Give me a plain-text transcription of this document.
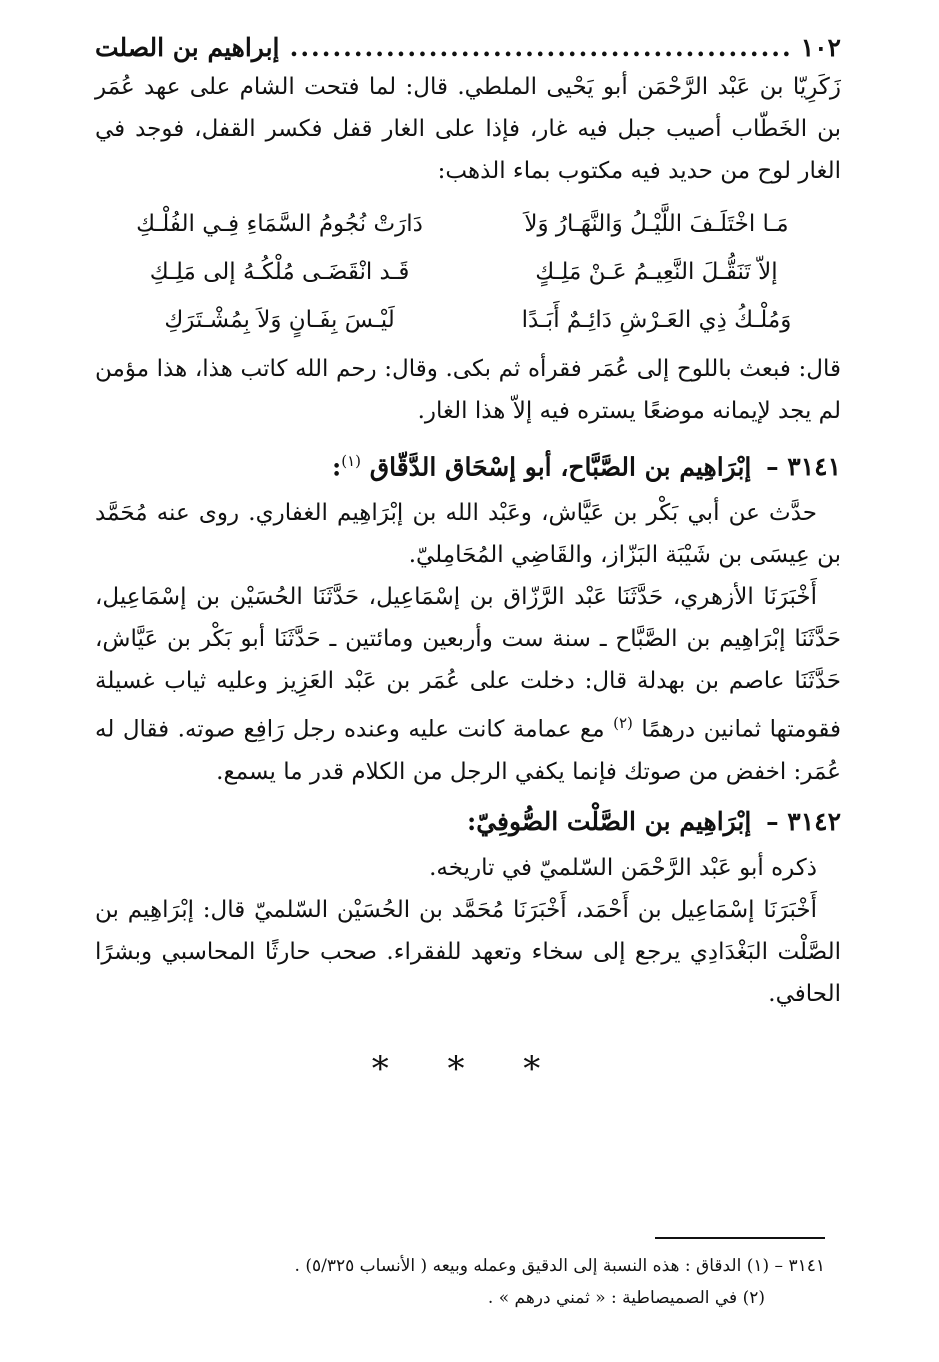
١٠٢
.....
إبراهيم بن الصلت

زَكَرِيّا بن عَبْد الرَّحْمَن أبو يَحْيى الملطي. قال: لما فتحت الشام على عهد عُمَر بن الخَطّاب أصيب جبل فيه غار، فإذا على الغار قفل فكسر القفل، فوجد في الغار لوح من حديد فيه مكتوب بماء الذهب:

مَـا اخْتَلَـفَ اللَّيْـلُ وَالنَّهَـارُ وَلاَ
دَارَتْ نُجُومُ السَّمَاءِ فِـي الفُلْـكِ
إلاّ تَنَقُّـلَ النَّعِيـمُ عَـنْ مَلِـكٍ
قَـد انْقَضَـى مُلْكُـهُ إلى مَلِـكِ
وَمُلْـكُ ذِي العَـرْشِ دَائِـمٌ أَبَـدًا
لَيْـسَ بِفَـانٍ وَلاَ بِمُشْـتَرَكِ

قال: فبعث باللوح إلى عُمَر فقرأه ثم بكى. وقال: رحم الله كاتب هذا، هذا مؤمن لم يجد لإيمانه موضعًا يستره فيه إلاّ هذا الغار.

٣١٤١ – إبْرَاهِيم بن الصَّبَّاح، أبو إسْحَاق الدَّقّاق $^{(١)}$:

حدَّث عن أبي بَكْر بن عَيَّاش، وعَبْد الله بن إبْرَاهِيم الغفاري. روى عنه مُحَمَّد بن عِيسَى بن شَيْبَة البَزّاز، والقَاضِي المُحَامِليّ.

أَخْبَرَنَا الأزهري، حَدَّثَنَا عَبْد الرَّزّاق بن إسْمَاعِيل، حَدَّثَنَا الحُسَيْن بن إسْمَاعِيل، حَدَّثَنَا إبْرَاهِيم بن الصَّبَّاح ـ سنة ست وأربعين ومائتين ـ حَدَّثَنَا أبو بَكْر بن عَيَّاش، حَدَّثَنَا عاصم بن بهدلة قال: دخلت على عُمَر بن عَبْد العَزِيز وعليه ثياب غسيلة فقومتها ثمانين درهمًا $^{(٢)}$ مع عمامة كانت عليه وعنده رجل رَافِع صوته. فقال له عُمَر: اخفض من صوتك فإنما يكفي الرجل من الكلام قدر ما يسمع.

٣١٤٢ – إبْرَاهِيم بن الصَّلْت الصُّوفِيّ:

ذكره أبو عَبْد الرَّحْمَن السّلميّ في تاريخه.

أَخْبَرَنَا إسْمَاعِيل بن أَحْمَد، أَخْبَرَنَا مُحَمَّد بن الحُسَيْن السّلميّ قال: إبْرَاهِيم بن الصَّلْت البَغْدَادِي يرجع إلى سخاء وتعهد للفقراء. صحب حارثًا المحاسبي وبشرًا الحافي.

* * *

٣١٤١ – (١) الدقاق : هذه النسبة إلى الدقيق وعمله وبيعه ( الأنساب ٥/٣٢٥) .

(٢) في الصميصاطية : « ثمني درهم » .
